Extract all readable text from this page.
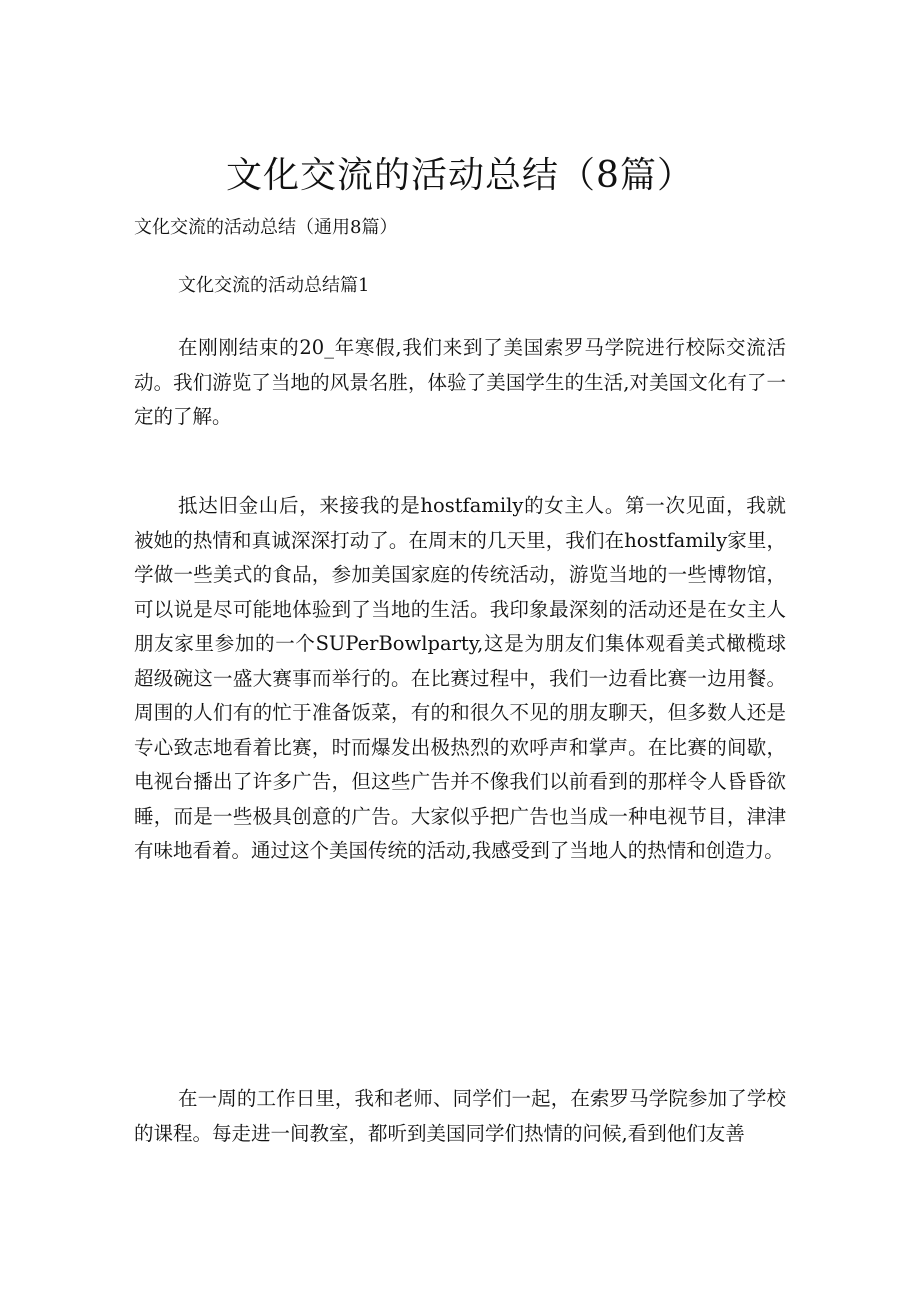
文化交流的活动总结（8篇）

文化交流的活动总结（通用8篇）

文化交流的活动总结篇1

在刚刚结束的20_年寒假,我们来到了美国索罗马学院进行校际交流活动。我们游览了当地的风景名胜，体验了美国学生的生活,对美国文化有了一定的了解。

抵达旧金山后，来接我的是hostfamily的女主人。第一次见面，我就被她的热情和真诚深深打动了。在周末的几天里，我们在hostfamily家里，学做一些美式的食品，参加美国家庭的传统活动，游览当地的一些博物馆，可以说是尽可能地体验到了当地的生活。我印象最深刻的活动还是在女主人朋友家里参加的一个SUPerBowlparty,这是为朋友们集体观看美式橄榄球超级碗这一盛大赛事而举行的。在比赛过程中，我们一边看比赛一边用餐。周围的人们有的忙于准备饭菜，有的和很久不见的朋友聊天，但多数人还是专心致志地看着比赛，时而爆发出极热烈的欢呼声和掌声。在比赛的间歇，电视台播出了许多广告，但这些广告并不像我们以前看到的那样令人昏昏欲睡，而是一些极具创意的广告。大家似乎把广告也当成一种电视节目，津津有味地看着。通过这个美国传统的活动,我感受到了当地人的热情和创造力。

在一周的工作日里，我和老师、同学们一起，在索罗马学院参加了学校的课程。每走进一间教室，都听到美国同学们热情的问候,看到他们友善
